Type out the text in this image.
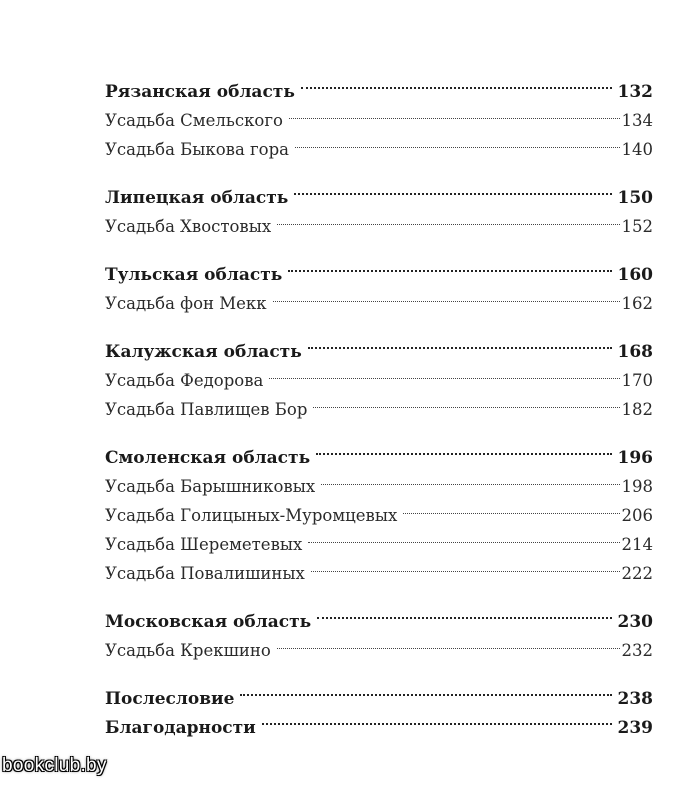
Рязанская область	132
Усадьба Смельского	134
Усадьба Быкова гора	140
Липецкая область	150
Усадьба Хвостовых	152
Тульская область	160
Усадьба фон Мекк	162
Калужская область	168
Усадьба Федорова	170
Усадьба Павлищев Бор	182
Смоленская область	196
Усадьба Барышниковых	198
Усадьба Голицыных-Муромцевых	206
Усадьба Шереметевых	214
Усадьба Повалишиных	222
Московская область	230
Усадьба Крекшино	232
Послесловие	238
Благодарности	239
bookclub.by
